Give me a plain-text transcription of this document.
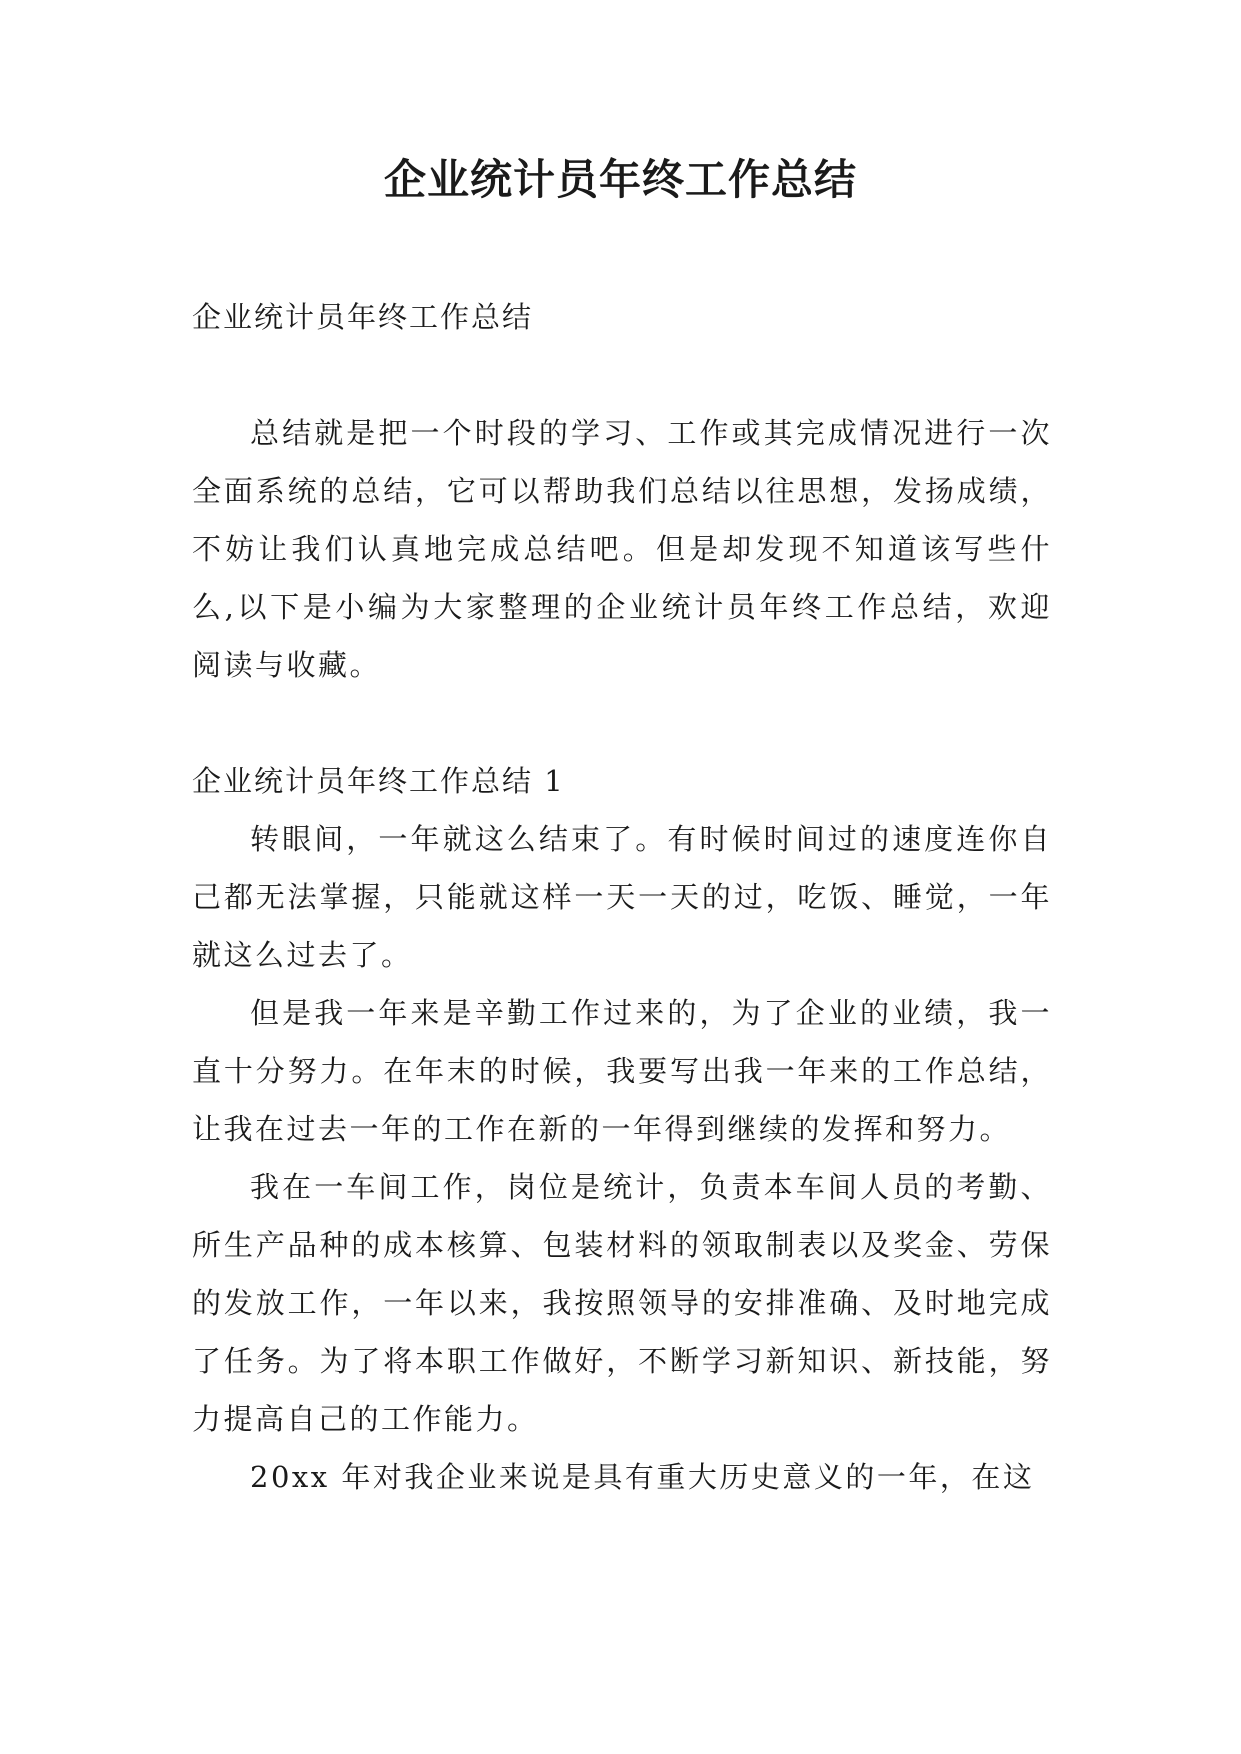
企业统计员年终工作总结

企业统计员年终工作总结

总结就是把一个时段的学习、工作或其完成情况进行一次全面系统的总结，它可以帮助我们总结以往思想，发扬成绩，不妨让我们认真地完成总结吧。但是却发现不知道该写些什么,以下是小编为大家整理的企业统计员年终工作总结，欢迎阅读与收藏。

企业统计员年终工作总结 1

转眼间，一年就这么结束了。有时候时间过的速度连你自己都无法掌握，只能就这样一天一天的过，吃饭、睡觉，一年就这么过去了。

但是我一年来是辛勤工作过来的，为了企业的业绩，我一直十分努力。在年末的时候，我要写出我一年来的工作总结，让我在过去一年的工作在新的一年得到继续的发挥和努力。

我在一车间工作，岗位是统计，负责本车间人员的考勤、所生产品种的成本核算、包装材料的领取制表以及奖金、劳保的发放工作，一年以来，我按照领导的安排准确、及时地完成了任务。为了将本职工作做好，不断学习新知识、新技能，努力提高自己的工作能力。

20xx 年对我企业来说是具有重大历史意义的一年，在这
